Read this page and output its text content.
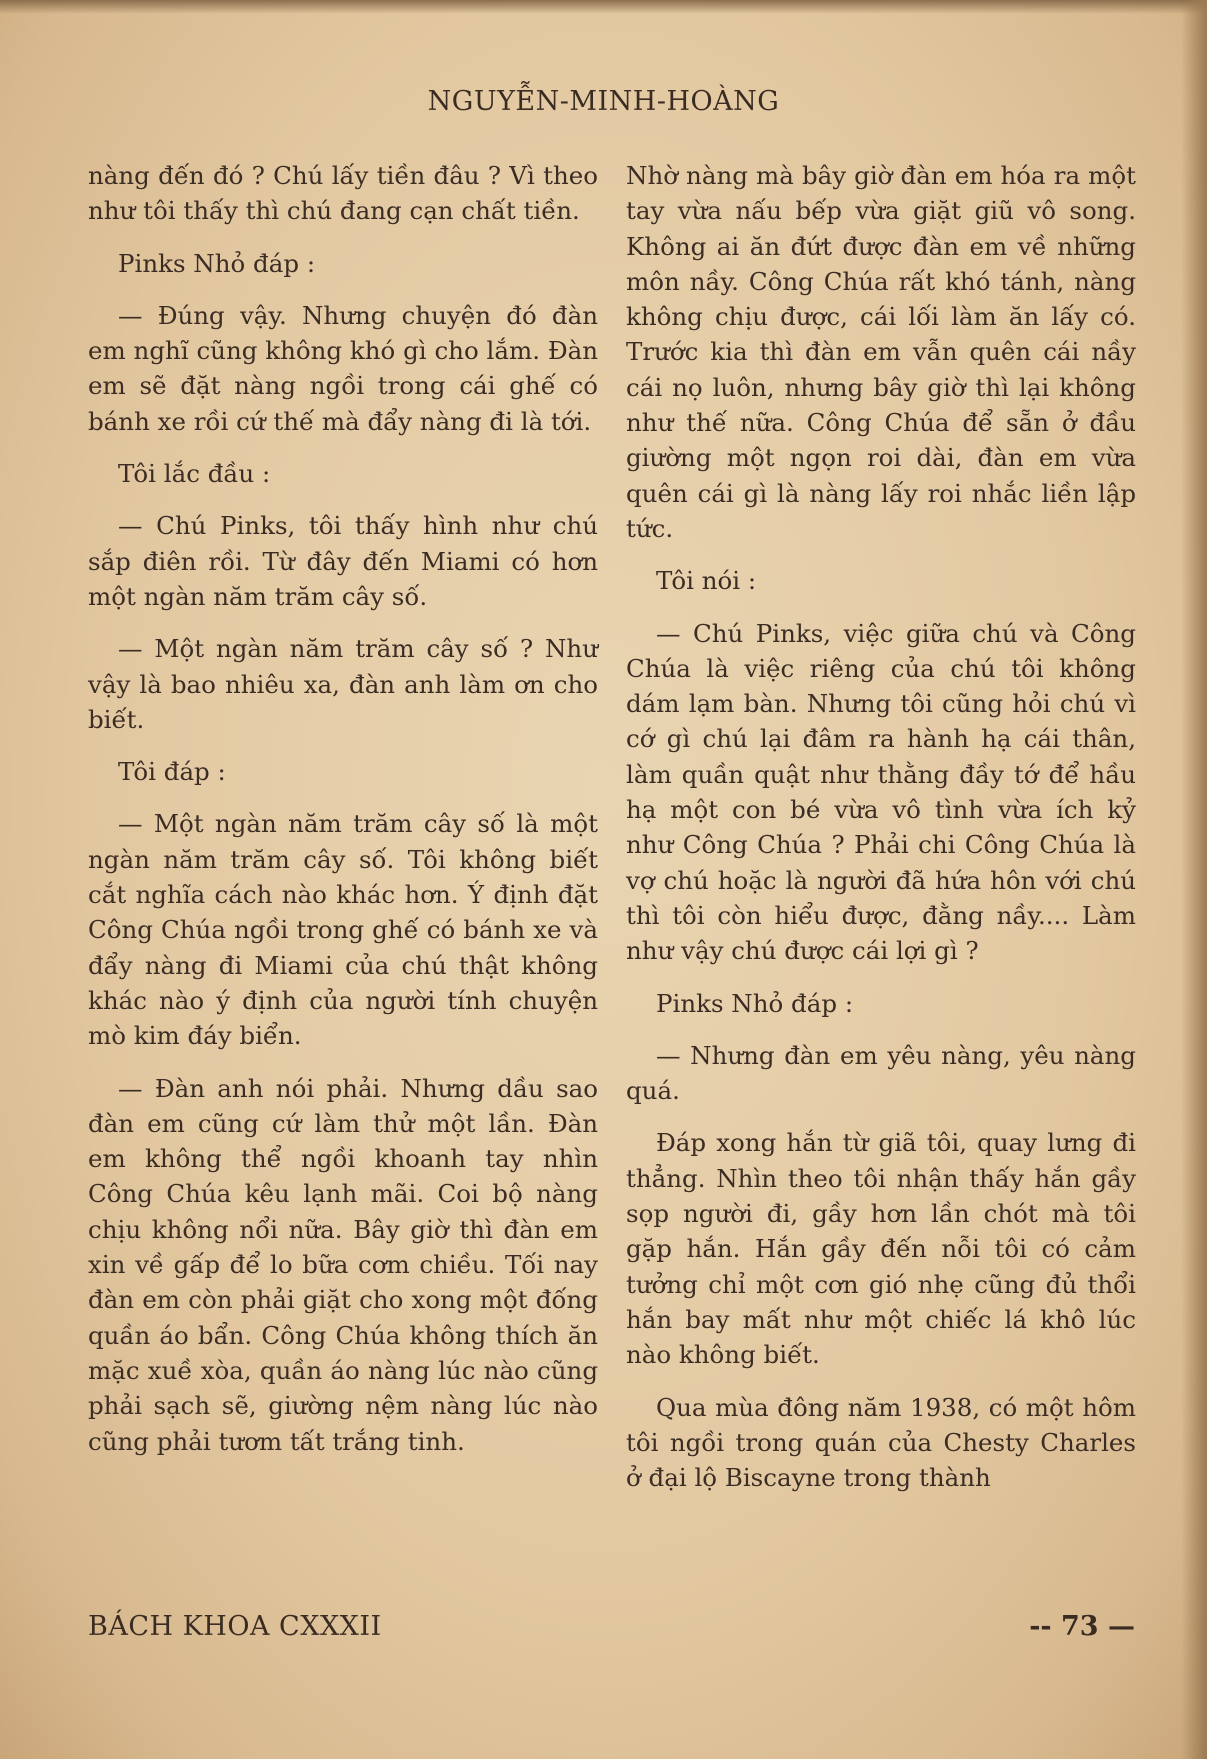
NGUYỄN-MINH-HOÀNG

nàng đến đó ? Chú lấy tiền đâu ? Vì theo như tôi thấy thì chú đang cạn chất tiền.

Pinks Nhỏ đáp :

— Đúng vậy. Nhưng chuyện đó đàn em nghĩ cũng không khó gì cho lắm. Đàn em sẽ đặt nàng ngồi trong cái ghế có bánh xe rồi cứ thế mà đẩy nàng đi là tới.

Tôi lắc đầu :

— Chú Pinks, tôi thấy hình như chú sắp điên rồi. Từ đây đến Miami có hơn một ngàn năm trăm cây số.

— Một ngàn năm trăm cây số ? Như vậy là bao nhiêu xa, đàn anh làm ơn cho biết.

Tôi đáp :

— Một ngàn năm trăm cây số là một ngàn năm trăm cây số. Tôi không biết cắt nghĩa cách nào khác hơn. Ý định đặt Công Chúa ngồi trong ghế có bánh xe và đẩy nàng đi Miami của chú thật không khác nào ý định của người tính chuyện mò kim đáy biển.

— Đàn anh nói phải. Nhưng dầu sao đàn em cũng cứ làm thử một lần. Đàn em không thể ngồi khoanh tay nhìn Công Chúa kêu lạnh mãi. Coi bộ nàng chịu không nổi nữa. Bây giờ thì đàn em xin về gấp để lo bữa cơm chiều. Tối nay đàn em còn phải giặt cho xong một đống quần áo bẩn. Công Chúa không thích ăn mặc xuề xòa, quần áo nàng lúc nào cũng phải sạch sẽ, giường nệm nàng lúc nào cũng phải tươm tất trắng tinh.

Nhờ nàng mà bây giờ đàn em hóa ra một tay vừa nấu bếp vừa giặt giũ vô song. Không ai ăn đứt được đàn em về những môn nầy. Công Chúa rất khó tánh, nàng không chịu được, cái lối làm ăn lấy có. Trước kia thì đàn em vẫn quên cái nầy cái nọ luôn, nhưng bây giờ thì lại không như thế nữa. Công Chúa để sẵn ở đầu giường một ngọn roi dài, đàn em vừa quên cái gì là nàng lấy roi nhắc liền lập tức.

Tôi nói :

— Chú Pinks, việc giữa chú và Công Chúa là việc riêng của chú tôi không dám lạm bàn. Nhưng tôi cũng hỏi chú vì cớ gì chú lại đâm ra hành hạ cái thân, làm quần quật như thằng đầy tớ để hầu hạ một con bé vừa vô tình vừa ích kỷ như Công Chúa ? Phải chi Công Chúa là vợ chú hoặc là người đã hứa hôn với chú thì tôi còn hiểu được, đằng nầy.... Làm như vậy chú được cái lợi gì ?

Pinks Nhỏ đáp :

— Nhưng đàn em yêu nàng, yêu nàng quá.

Đáp xong hắn từ giã tôi, quay lưng đi thẳng. Nhìn theo tôi nhận thấy hắn gầy sọp người đi, gầy hơn lần chót mà tôi gặp hắn. Hắn gầy đến nỗi tôi có cảm tưởng chỉ một cơn gió nhẹ cũng đủ thổi hắn bay mất như một chiếc lá khô lúc nào không biết.

Qua mùa đông năm 1938, có một hôm tôi ngồi trong quán của Chesty Charles ở đại lộ Biscayne trong thành

BÁCH KHOA CXXXII	-- 73 —
